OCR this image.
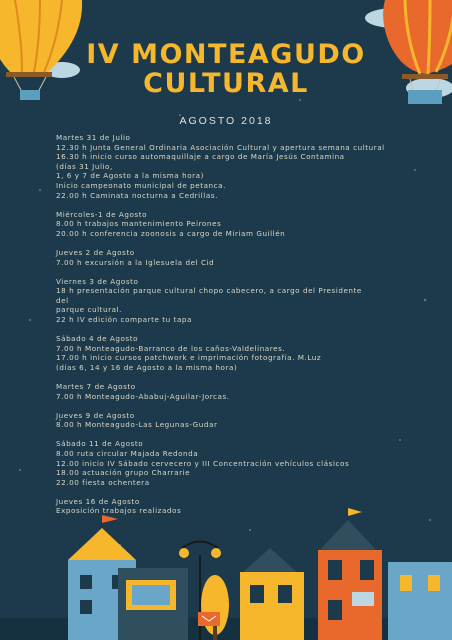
IV MONTEAGUDO
CULTURAL
AGOSTO 2018
Martes 31 de Julio
12.30 h Junta General Ordinaria Asociación Cultural y apertura semana cultural
16.30 h inicio curso automaquillaje a cargo de María Jesús Contamina
(días 31 Julio,
1, 6 y 7 de Agosto a la misma hora)
Inicio campeonato municipal de petanca.
22.00 h Caminata nocturna a Cedrillas.
Miércoles-1 de Agosto
8.00 h trabajos mantenimiento Peirones
20.00 h conferencia zoonosis a cargo de Miriam Guillén
Jueves 2 de Agosto
7.00 h excursión a la Iglesuela del Cid
Viernes 3 de Agosto
18 h presentación parque cultural chopo cabecero, a cargo del Presidente
del
parque cultural.
22 h IV edición comparte tu tapa
Sábado 4 de Agosto
7.00 h Monteagudo-Barranco de los caños-Valdelinares.
17.00 h inicio cursos patchwork e imprimación fotografía. M.Luz
(días 6, 14 y 16 de Agosto a la misma hora)
Martes 7 de Agosto
7.00 h Monteagudo-Ababuj-Aguilar-Jorcas.
Jueves 9 de Agosto
8.00 h Monteagudo-Las Legunas-Gudar
Sábado 11 de Agosto
8.00 ruta circular Majada Redonda
12.00 inicio IV Sábado cervecero y III Concentración vehículos clásicos
18.00 actuación grupo Charrarie
22.00 fiesta ochentera
Jueves 16 de Agosto
Exposición trabajos realizados
